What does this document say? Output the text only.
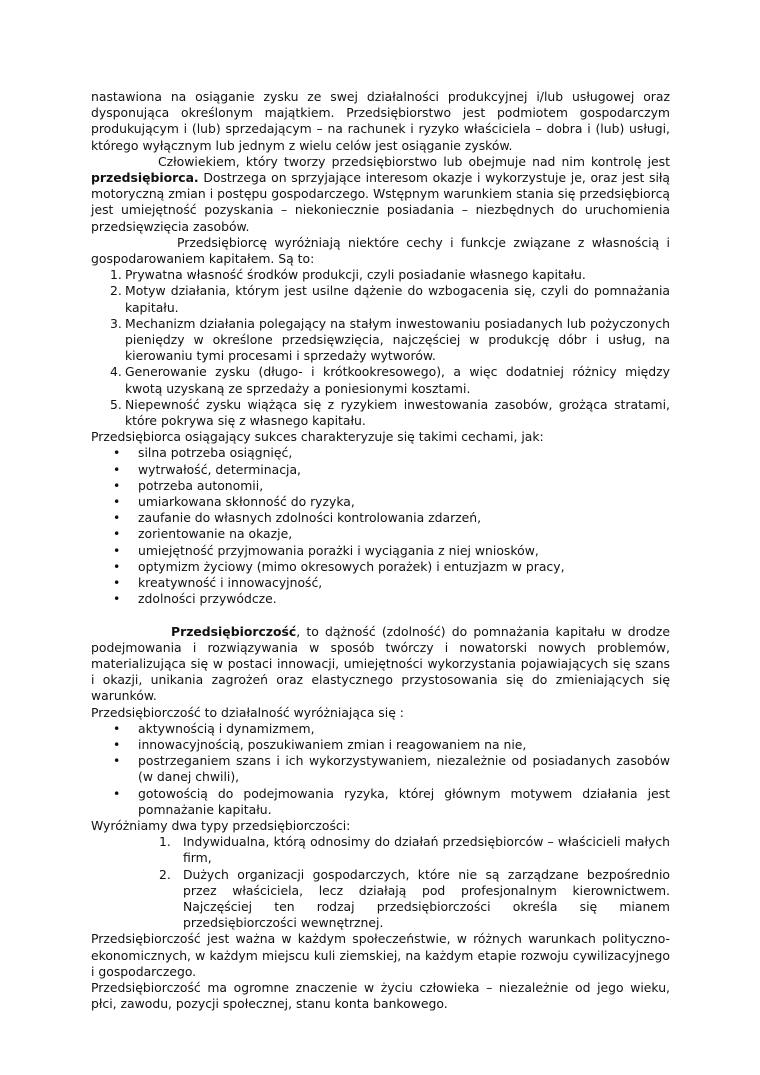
nastawiona na osiąganie zysku ze swej działalności produkcyjnej i/lub usługowej oraz dysponująca określonym majątkiem. Przedsiębiorstwo jest podmiotem gospodarczym produkującym i (lub) sprzedającym – na rachunek i ryzyko właściciela – dobra i (lub) usługi, którego wyłącznym lub jednym z wielu celów jest osiąganie zysków.

Człowiekiem, który tworzy przedsiębiorstwo lub obejmuje nad nim kontrolę jest przedsiębiorca. Dostrzega on sprzyjające interesom okazje i wykorzystuje je, oraz jest siłą motoryczną zmian i postępu gospodarczego. Wstępnym warunkiem stania się przedsiębiorcą jest umiejętność pozyskania – niekoniecznie posiadania – niezbędnych do uruchomienia przedsięwzięcia zasobów.

Przedsiębiorcę wyróżniają niektóre cechy i funkcje związane z własnością i gospodarowaniem kapitałem. Są to:

1. Prywatna własność środków produkcji, czyli posiadanie własnego kapitału.
2. Motyw działania, którym jest usilne dążenie do wzbogacenia się, czyli do pomnażania kapitału.
3. Mechanizm działania polegający na stałym inwestowaniu posiadanych lub pożyczonych pieniędzy w określone przedsięwzięcia, najczęściej w produkcję dóbr i usług, na kierowaniu tymi procesami i sprzedaży wytworów.
4. Generowanie zysku (długo- i krótkookresowego), a więc dodatniej różnicy między kwotą uzyskaną ze sprzedaży a poniesionymi kosztami.
5. Niepewność zysku wiążąca się z ryzykiem inwestowania zasobów, grożąca stratami, które pokrywa się z własnego kapitału.

Przedsiębiorca osiągający sukces charakteryzuje się takimi cechami, jak:

• silna potrzeba osiągnięć,
• wytrwałość, determinacja,
• potrzeba autonomii,
• umiarkowana skłonność do ryzyka,
• zaufanie do własnych zdolności kontrolowania zdarzeń,
• zorientowanie na okazje,
• umiejętność przyjmowania porażki i wyciągania z niej wniosków,
• optymizm życiowy (mimo okresowych porażek) i entuzjazm w pracy,
• kreatywność i innowacyjność,
• zdolności przywódcze.

Przedsiębiorczość, to dążność (zdolność) do pomnażania kapitału w drodze podejmowania i rozwiązywania w sposób twórczy i nowatorski nowych problemów, materializująca się w postaci innowacji, umiejętności wykorzystania pojawiających się szans i okazji, unikania zagrożeń oraz elastycznego przystosowania się do zmieniających się warunków.

Przedsiębiorczość to działalność wyróżniająca się :

• aktywnością i dynamizmem,
• innowacyjnością, poszukiwaniem zmian i reagowaniem na nie,
• postrzeganiem szans i ich wykorzystywaniem, niezależnie od posiadanych zasobów (w danej chwili),
• gotowością do podejmowania ryzyka, której głównym motywem działania jest pomnażanie kapitału.

Wyróżniamy dwa typy przedsiębiorczości:

1. Indywidualna, którą odnosimy do działań przedsiębiorców – właścicieli małych firm,
2. Dużych organizacji gospodarczych, które nie są zarządzane bezpośrednio przez właściciela, lecz działają pod profesjonalnym kierownictwem. Najczęściej ten rodzaj przedsiębiorczości określa się mianem przedsiębiorczości wewnętrznej.

Przedsiębiorczość jest ważna w każdym społeczeństwie, w różnych warunkach polityczno-ekonomicznych, w każdym miejscu kuli ziemskiej, na każdym etapie rozwoju cywilizacyjnego i gospodarczego.

Przedsiębiorczość ma ogromne znaczenie w życiu człowieka – niezależnie od jego wieku, płci, zawodu, pozycji społecznej, stanu konta bankowego.
